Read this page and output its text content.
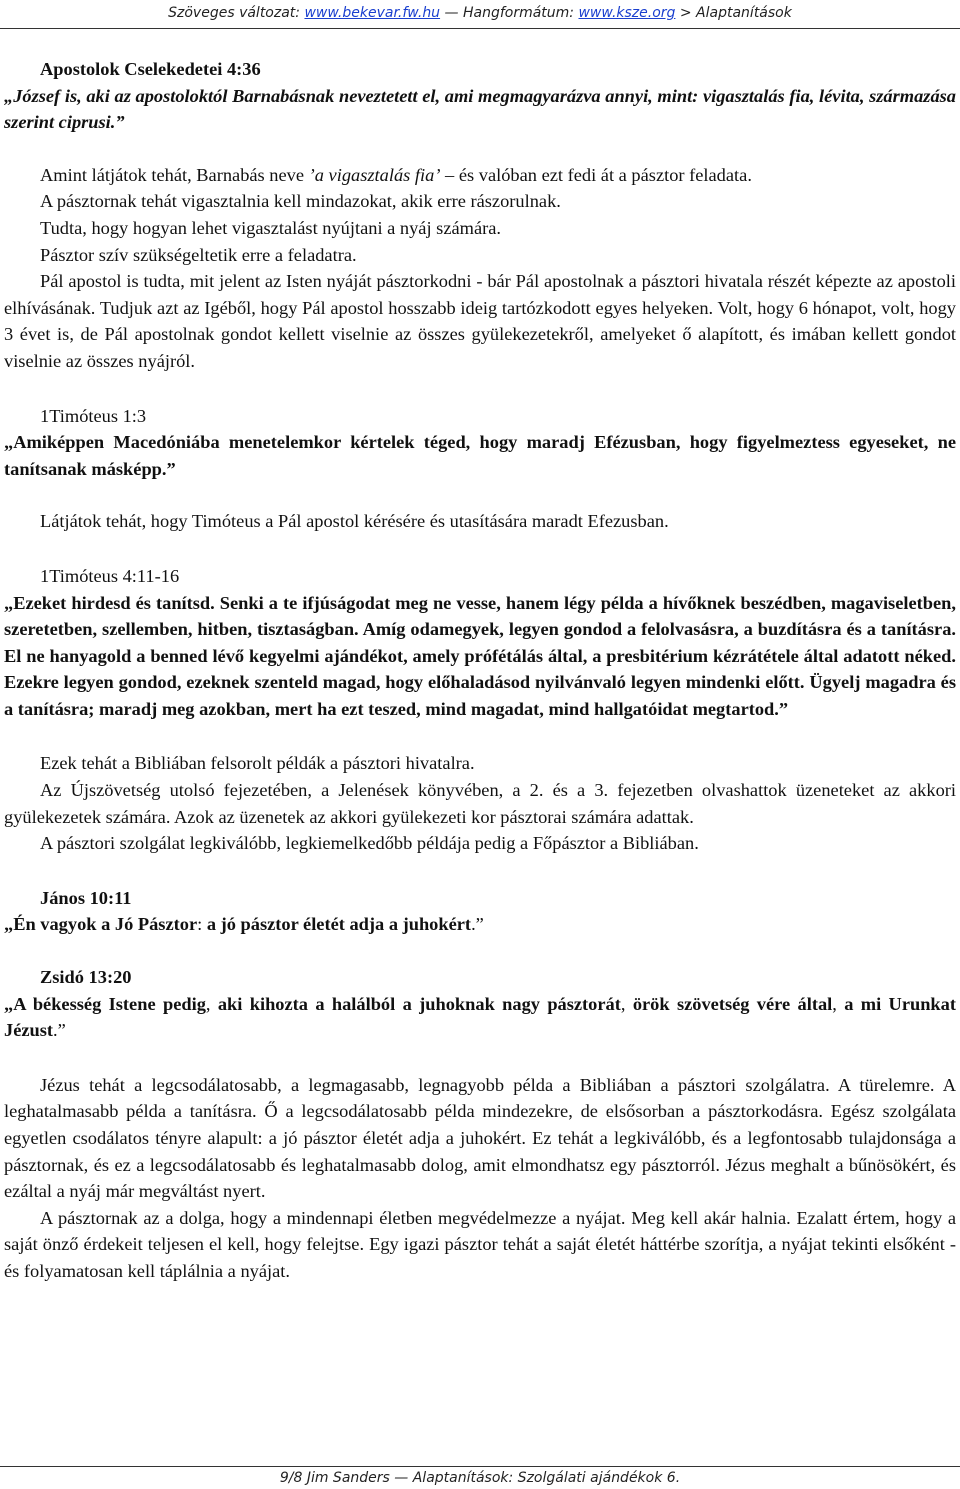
Szöveges változat: www.bekevar.fw.hu — Hangformátum: www.ksze.org > Alaptanítások

Apostolok Cselekedetei 4:36

„József is, aki az apostoloktól Barnabásnak neveztetett el, ami megmagyarázva annyi, mint: vigasztalás fia, lévita, származása szerint ciprusi.”

Amint látjátok tehát, Barnabás neve ’a vigasztalás fia’ – és valóban ezt fedi át a pásztor feladata.

A pásztornak tehát vigasztalnia kell mindazokat, akik erre rászorulnak.

Tudta, hogy hogyan lehet vigasztalást nyújtani a nyáj számára.

Pásztor szív szükségeltetik erre a feladatra.

Pál apostol is tudta, mit jelent az Isten nyáját pásztorkodni - bár Pál apostolnak a pásztori hivatala részét képezte az apostoli elhívásának. Tudjuk azt az Igéből, hogy Pál apostol hosszabb ideig tartózkodott egyes helyeken. Volt, hogy 6 hónapot, volt, hogy 3 évet is, de Pál apostolnak gondot kellett viselnie az összes gyülekezetekről, amelyeket ő alapított, és imában kellett gondot viselnie az összes nyájról.

1Timóteus 1:3

„Amiképpen Macedóniába menetelemkor kértelek téged, hogy maradj Efézusban, hogy figyelmeztess egyeseket, ne tanítsanak másképp.”

Látjátok tehát, hogy Timóteus a Pál apostol kérésére és utasítására maradt Efezusban.

1Timóteus 4:11-16

„Ezeket hirdesd és tanítsd. Senki a te ifjúságodat meg ne vesse, hanem légy példa a hívőknek beszédben, magaviseletben, szeretetben, szellemben, hitben, tisztaságban. Amíg odamegyek, legyen gondod a felolvasásra, a buzdításra és a tanításra. El ne hanyagold a benned lévő kegyelmi ajándékot, amely prófétálás által, a presbitérium kézrátétele által adatott néked. Ezekre legyen gondod, ezeknek szenteld magad, hogy előhaladásod nyilvánvaló legyen mindenki előtt. Ügyelj magadra és a tanításra; maradj meg azokban, mert ha ezt teszed, mind magadat, mind hallgatóidat megtartod.”

Ezek tehát a Bibliában felsorolt példák a pásztori hivatalra.

Az Újszövetség utolsó fejezetében, a Jelenések könyvében, a 2. és a 3. fejezetben olvashattok üzeneteket az akkori gyülekezetek számára. Azok az üzenetek az akkori gyülekezeti kor pásztorai számára adattak.

A pásztori szolgálat legkiválóbb, legkiemelkedőbb példája pedig a Főpásztor a Bibliában.

János 10:11

„Én vagyok a Jó Pásztor: a jó pásztor életét adja a juhokért.”

Zsidó 13:20

„A békesség Istene pedig, aki kihozta a halálból a juhoknak nagy pásztorát, örök szövetség vére által, a mi Urunkat Jézust.”

Jézus tehát a legcsodálatosabb, a legmagasabb, legnagyobb példa a Bibliában a pásztori szolgálatra. A türelemre. A leghatalmasabb példa a tanításra. Ő a legcsodálatosabb példa mindezekre, de elsősorban a pásztorkodásra. Egész szolgálata egyetlen csodálatos tényre alapult: a jó pásztor életét adja a juhokért. Ez tehát a legkiválóbb, és a legfontosabb tulajdonsága a pásztornak, és ez a legcsodálatosabb és leghatalmasabb dolog, amit elmondhatsz egy pásztorról. Jézus meghalt a bűnösökért, és ezáltal a nyáj már megváltást nyert.

A pásztornak az a dolga, hogy a mindennapi életben megvédelmezze a nyájat. Meg kell akár halnia. Ezalatt értem, hogy a saját önző érdekeit teljesen el kell, hogy felejtse. Egy igazi pásztor tehát a saját életét háttérbe szorítja, a nyájat tekinti elsőként - és folyamatosan kell táplálnia a nyájat.

9/8 Jim Sanders — Alaptanítások: Szolgálati ajándékok 6.
